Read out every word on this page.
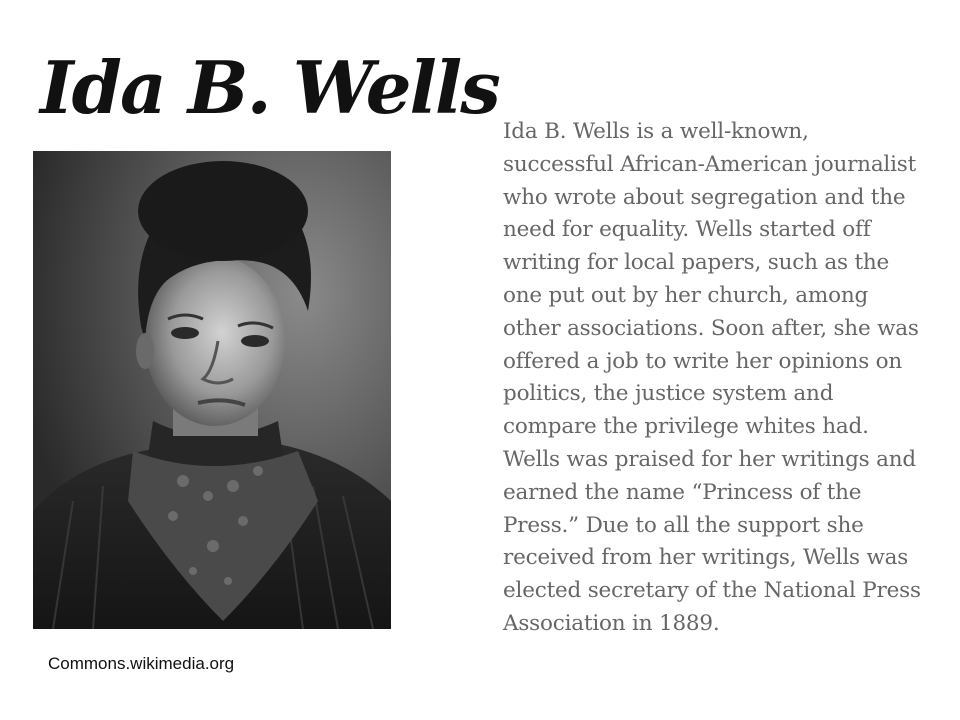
Ida B. Wells
Commons.wikimedia.org

Ida B. Wells is a well-known, successful African-American journalist who wrote about segregation and the need for equality. Wells started off writing for local papers, such as the one put out by her church, among other associations. Soon after, she was offered a job to write her opinions on politics, the justice system and compare the privilege whites had. Wells was praised for her writings and earned the name “Princess of the Press.” Due to all the support she received from her writings, Wells was elected secretary of the National Press Association in 1889.
